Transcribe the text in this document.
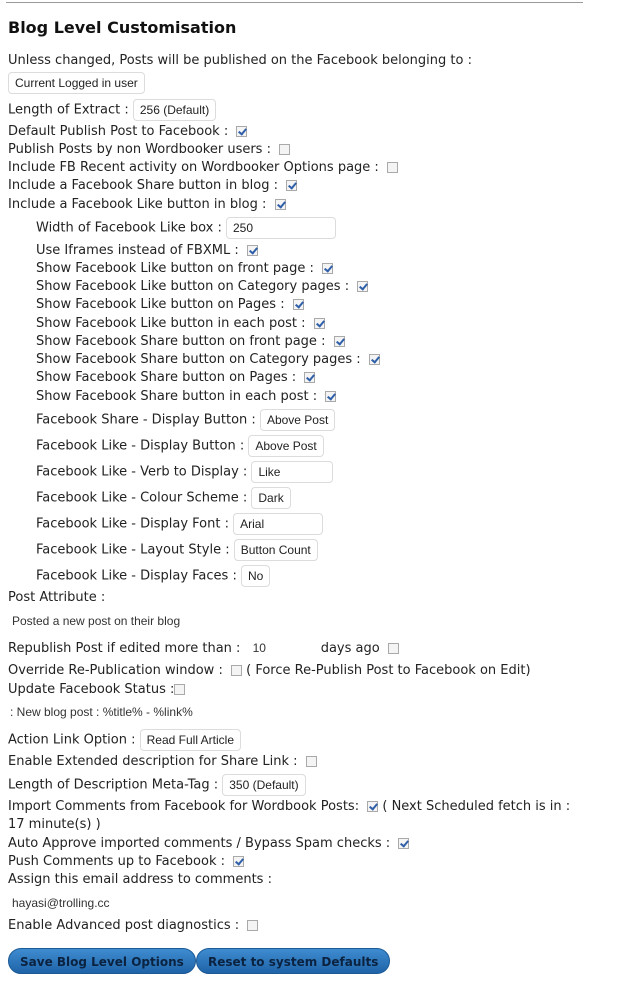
Blog Level Customisation
Unless changed, Posts will be published on the Facebook belonging to :
Current Logged in user
Length of Extract : 256 (Default)
Default Publish Post to Facebook :
Publish Posts by non Wordbooker users :
Include FB Recent activity on Wordbooker Options page :
Include a Facebook Share button in blog :
Include a Facebook Like button in blog :
Width of Facebook Like box : 250
Use Iframes instead of FBXML :
Show Facebook Like button on front page :
Show Facebook Like button on Category pages :
Show Facebook Like button on Pages :
Show Facebook Like button in each post :
Show Facebook Share button on front page :
Show Facebook Share button on Category pages :
Show Facebook Share button on Pages :
Show Facebook Share button in each post :
Facebook Share - Display Button : Above Post
Facebook Like - Display Button : Above Post
Facebook Like - Verb to Display : Like
Facebook Like - Colour Scheme : Dark
Facebook Like - Display Font : Arial
Facebook Like - Layout Style : Button Count
Facebook Like - Display Faces : No
Post Attribute :
Posted a new post on their blog
Republish Post if edited more than : 10	days ago
Override Re-Publication window : ( Force Re-Publish Post to Facebook on Edit)
Update Facebook Status :
: New blog post : %title% - %link%
Action Link Option : Read Full Article
Enable Extended description for Share Link :
Length of Description Meta-Tag : 350 (Default)
Import Comments from Facebook for Wordbook Posts: ( Next Scheduled fetch is in :
17 minute(s) )
Auto Approve imported comments / Bypass Spam checks :
Push Comments up to Facebook :
Assign this email address to comments :
hayasi@trolling.cc
Enable Advanced post diagnostics :
Save Blog Level Options	Reset to system Defaults
